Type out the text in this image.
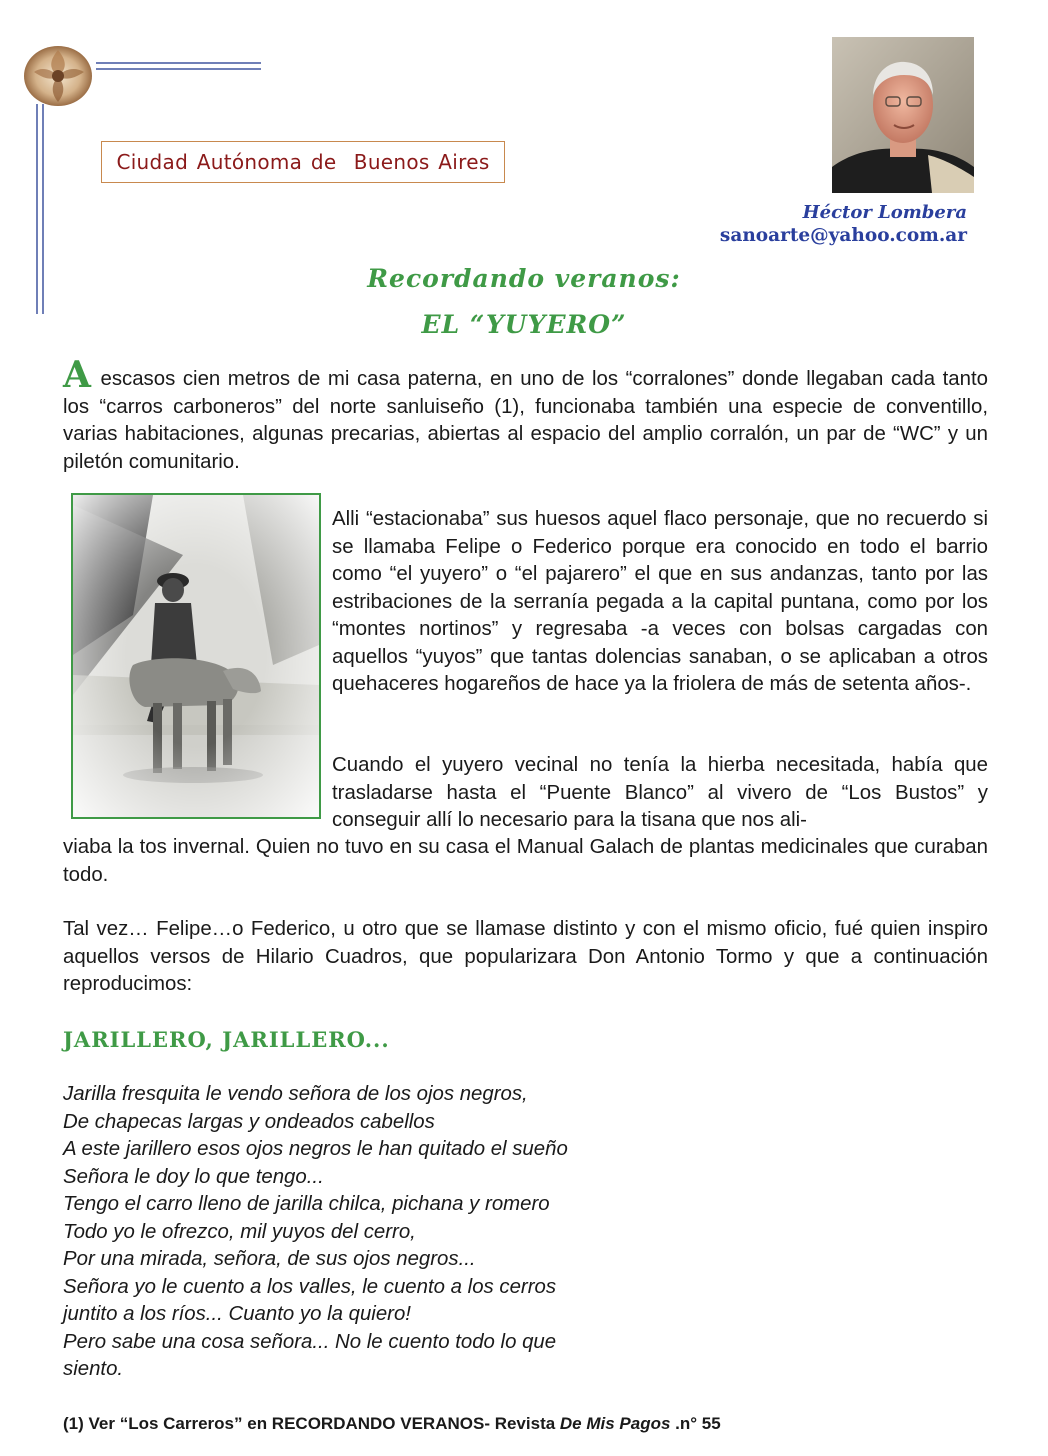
Ciudad Autónoma de  Buenos Aires
Héctor Lombera
sanoarte@yahoo.com.ar
Recordando veranos:
EL “YUYERO”

A escasos cien metros de mi casa paterna, en uno de los “corralones” donde llegaban cada tanto los “carros carboneros” del norte sanluiseño (1), funcionaba también una especie de conventillo, varias habitaciones, algunas precarias, abiertas al espacio del amplio corralón, un par de “WC” y un piletón comunitario.

Alli “estacionaba” sus huesos aquel flaco personaje, que no recuerdo si se llamaba Felipe o Federico porque era conocido en todo el barrio como “el yuyero” o “el pajarero” el que en sus andanzas, tanto por las estribaciones de la serranía pegada a la capital puntana, como por los “montes nortinos” y regresaba -a veces con bolsas cargadas con aquellos “yuyos” que tantas dolencias sanaban, o se aplicaban a otros quehaceres hogareños de hace ya la friolera de más de setenta años-.

Cuando el yuyero vecinal no tenía la hierba necesitada, había que trasladarse hasta el “Puente Blanco” al vivero de “Los Bustos” y conseguir allí lo necesario para la tisana que nos ali-

viaba la tos invernal. Quien no tuvo en su casa el Manual Galach de plantas medicinales que curaban todo.

Tal vez… Felipe…o Federico, u otro que se llamase distinto y con el mismo oficio, fué quien inspiro aquellos versos de Hilario Cuadros, que popularizara Don Antonio Tormo y que a continuación reproducimos:

JARILLERO, JARILLERO...
Jarilla fresquita le vendo señora de los ojos negros,
De chapecas largas y ondeados cabellos
A este jarillero esos ojos negros le han quitado el sueño
Señora le doy lo que tengo...
Tengo el carro lleno de jarilla chilca, pichana y romero
Todo yo le ofrezco, mil yuyos del cerro,
Por una mirada, señora, de sus ojos negros...
Señora yo le cuento a los valles, le cuento a los cerros
juntito a los ríos... Cuanto yo la quiero!
Pero sabe una cosa señora... No le cuento todo lo que
siento.
(1) Ver “Los Carreros” en RECORDANDO VERANOS- Revista De Mis Pagos .n° 55
